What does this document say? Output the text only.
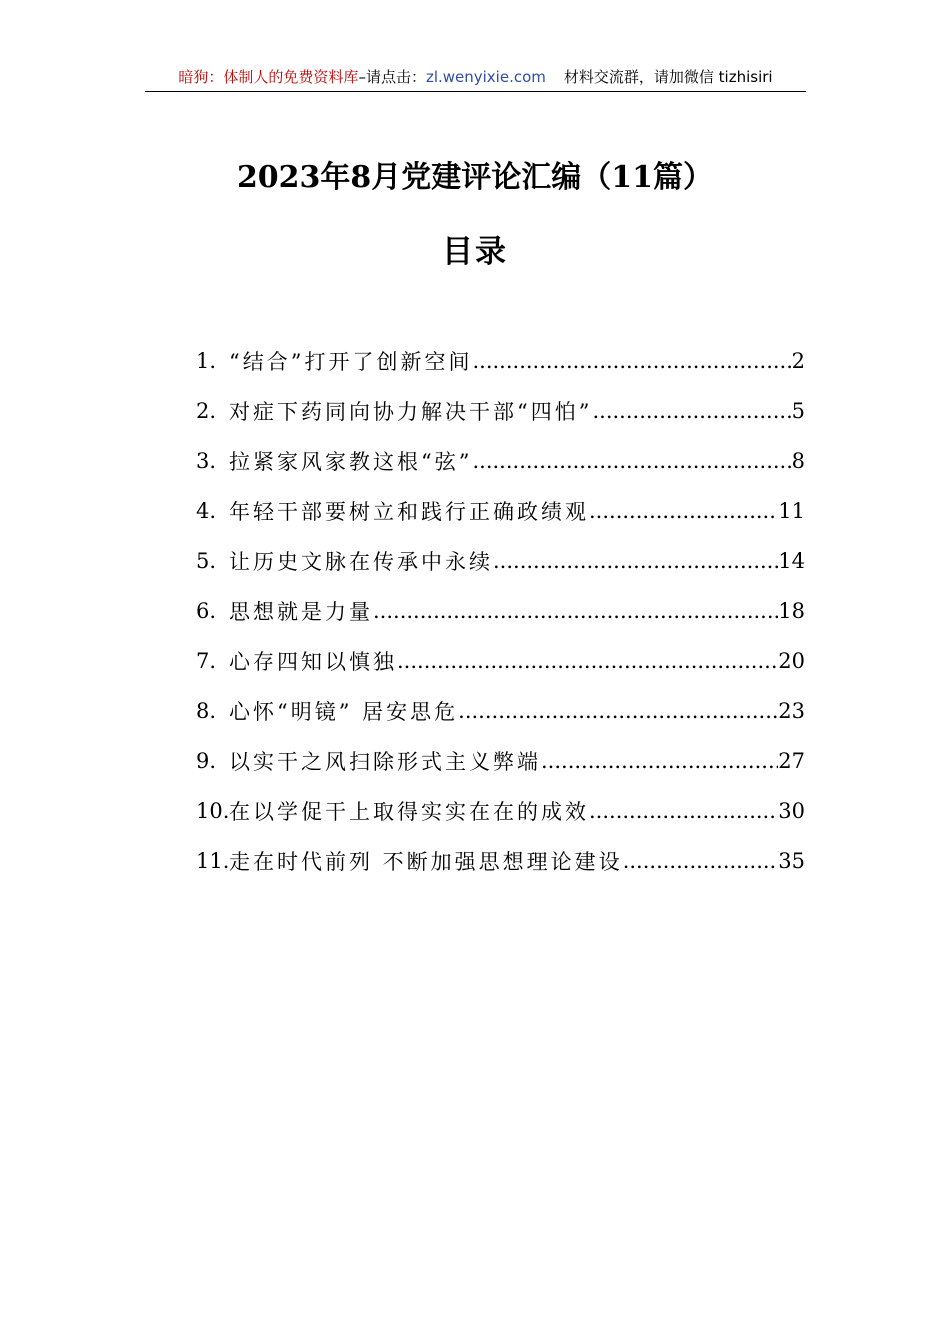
暗狗：体制人的免费资料库 –请点击： zl.wenyixie.com 材料交流群，请加微信 tizhisiri
2023年8月党建评论汇编（11篇）
目录
1. “结合”打开了创新空间 .....	2
2. 对症下药同向协力解决干部“四怕” .....	5
3. 拉紧家风家教这根“弦” .....	8
4. 年轻干部要树立和践行正确政绩观 .....	11
5. 让历史文脉在传承中永续 .....	14
6. 思想就是力量 .....	18
7. 心存四知以慎独 .....	20
8. 心怀“明镜” 居安思危 .....	23
9. 以实干之风扫除形式主义弊端 .....	27
10. 在以学促干上取得实实在在的成效 .....	30
11. 走在时代前列 不断加强思想理论建设 .....	35
